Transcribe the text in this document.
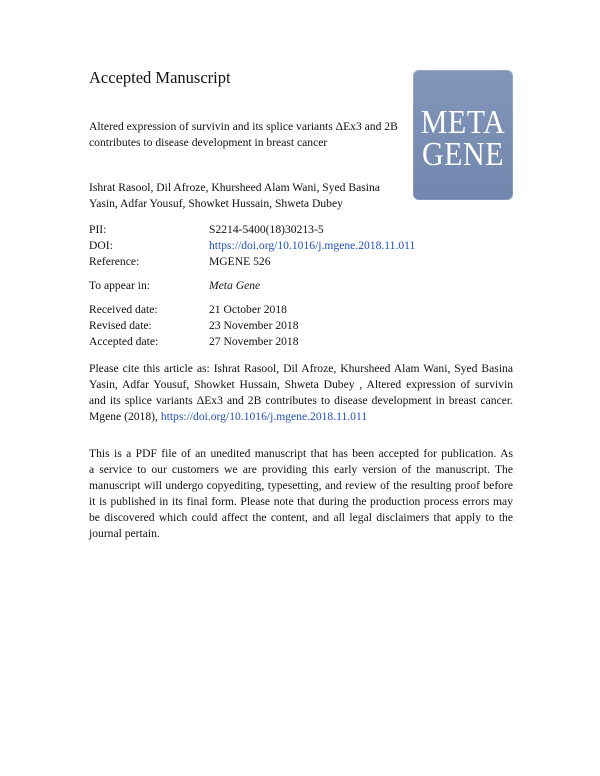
Accepted Manuscript
META
GENE
Altered expression of survivin and its splice variants ΔEx3 and 2B
contributes to disease development in breast cancer
Ishrat Rasool, Dil Afroze, Khursheed Alam Wani, Syed Basina
Yasin, Adfar Yousuf, Showket Hussain, Shweta Dubey
PII:	S2214-5400(18)30213-5
DOI:	https://doi.org/10.1016/j.mgene.2018.11.011
Reference:	MGENE 526
To appear in:	Meta Gene
Received date:	21 October 2018
Revised date:	23 November 2018
Accepted date:	27 November 2018
Please cite this article as: Ishrat Rasool, Dil Afroze, Khursheed Alam Wani, Syed Basina
Yasin, Adfar Yousuf, Showket Hussain, Shweta Dubey , Altered expression of survivin
and its splice variants ΔEx3 and 2B contributes to disease development in breast cancer.
Mgene (2018), https://doi.org/10.1016/j.mgene.2018.11.011
This is a PDF file of an unedited manuscript that has been accepted for publication. As
a service to our customers we are providing this early version of the manuscript. The
manuscript will undergo copyediting, typesetting, and review of the resulting proof before
it is published in its final form. Please note that during the production process errors may
be discovered which could affect the content, and all legal disclaimers that apply to the
journal pertain.
